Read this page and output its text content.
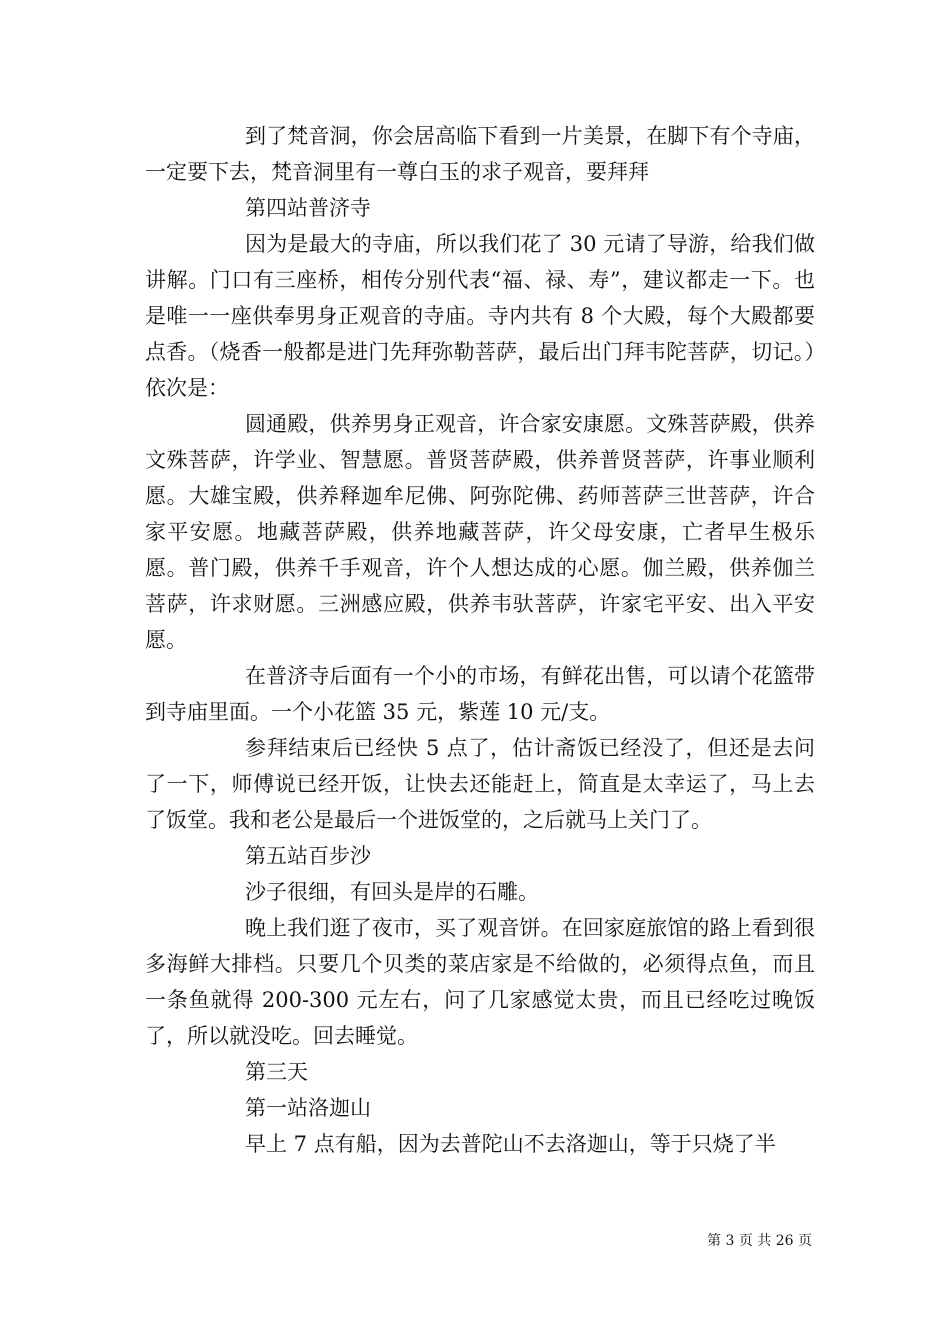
到了梵音洞，你会居高临下看到一片美景，在脚下有个寺庙，一定要下去，梵音洞里有一尊白玉的求子观音，要拜拜

第四站普济寺

因为是最大的寺庙，所以我们花了 30 元请了导游，给我们做讲解。门口有三座桥，相传分别代表“福、禄、寿”，建议都走一下。也是唯一一座供奉男身正观音的寺庙。寺内共有 8 个大殿，每个大殿都要点香。（烧香一般都是进门先拜弥勒菩萨，最后出门拜韦陀菩萨，切记。）依次是：

圆通殿，供养男身正观音，许合家安康愿。文殊菩萨殿，供养文殊菩萨，许学业、智慧愿。普贤菩萨殿，供养普贤菩萨，许事业顺利愿。大雄宝殿，供养释迦牟尼佛、阿弥陀佛、药师菩萨三世菩萨，许合家平安愿。地藏菩萨殿，供养地藏菩萨，许父母安康，亡者早生极乐愿。普门殿，供养千手观音，许个人想达成的心愿。伽兰殿，供养伽兰菩萨，许求财愿。三洲感应殿，供养韦驮菩萨，许家宅平安、出入平安愿。

在普济寺后面有一个小的市场，有鲜花出售，可以请个花篮带到寺庙里面。一个小花篮 35 元，紫莲 10 元/支。

参拜结束后已经快 5 点了，估计斋饭已经没了，但还是去问了一下，师傅说已经开饭，让快去还能赶上，简直是太幸运了，马上去了饭堂。我和老公是最后一个进饭堂的，之后就马上关门了。

第五站百步沙

沙子很细，有回头是岸的石雕。

晚上我们逛了夜市，买了观音饼。在回家庭旅馆的路上看到很多海鲜大排档。只要几个贝类的菜店家是不给做的，必须得点鱼，而且一条鱼就得 200-300 元左右，问了几家感觉太贵，而且已经吃过晚饭了，所以就没吃。回去睡觉。

第三天

第一站洛迦山

早上 7 点有船，因为去普陀山不去洛迦山，等于只烧了半

第 3 页 共 26 页
